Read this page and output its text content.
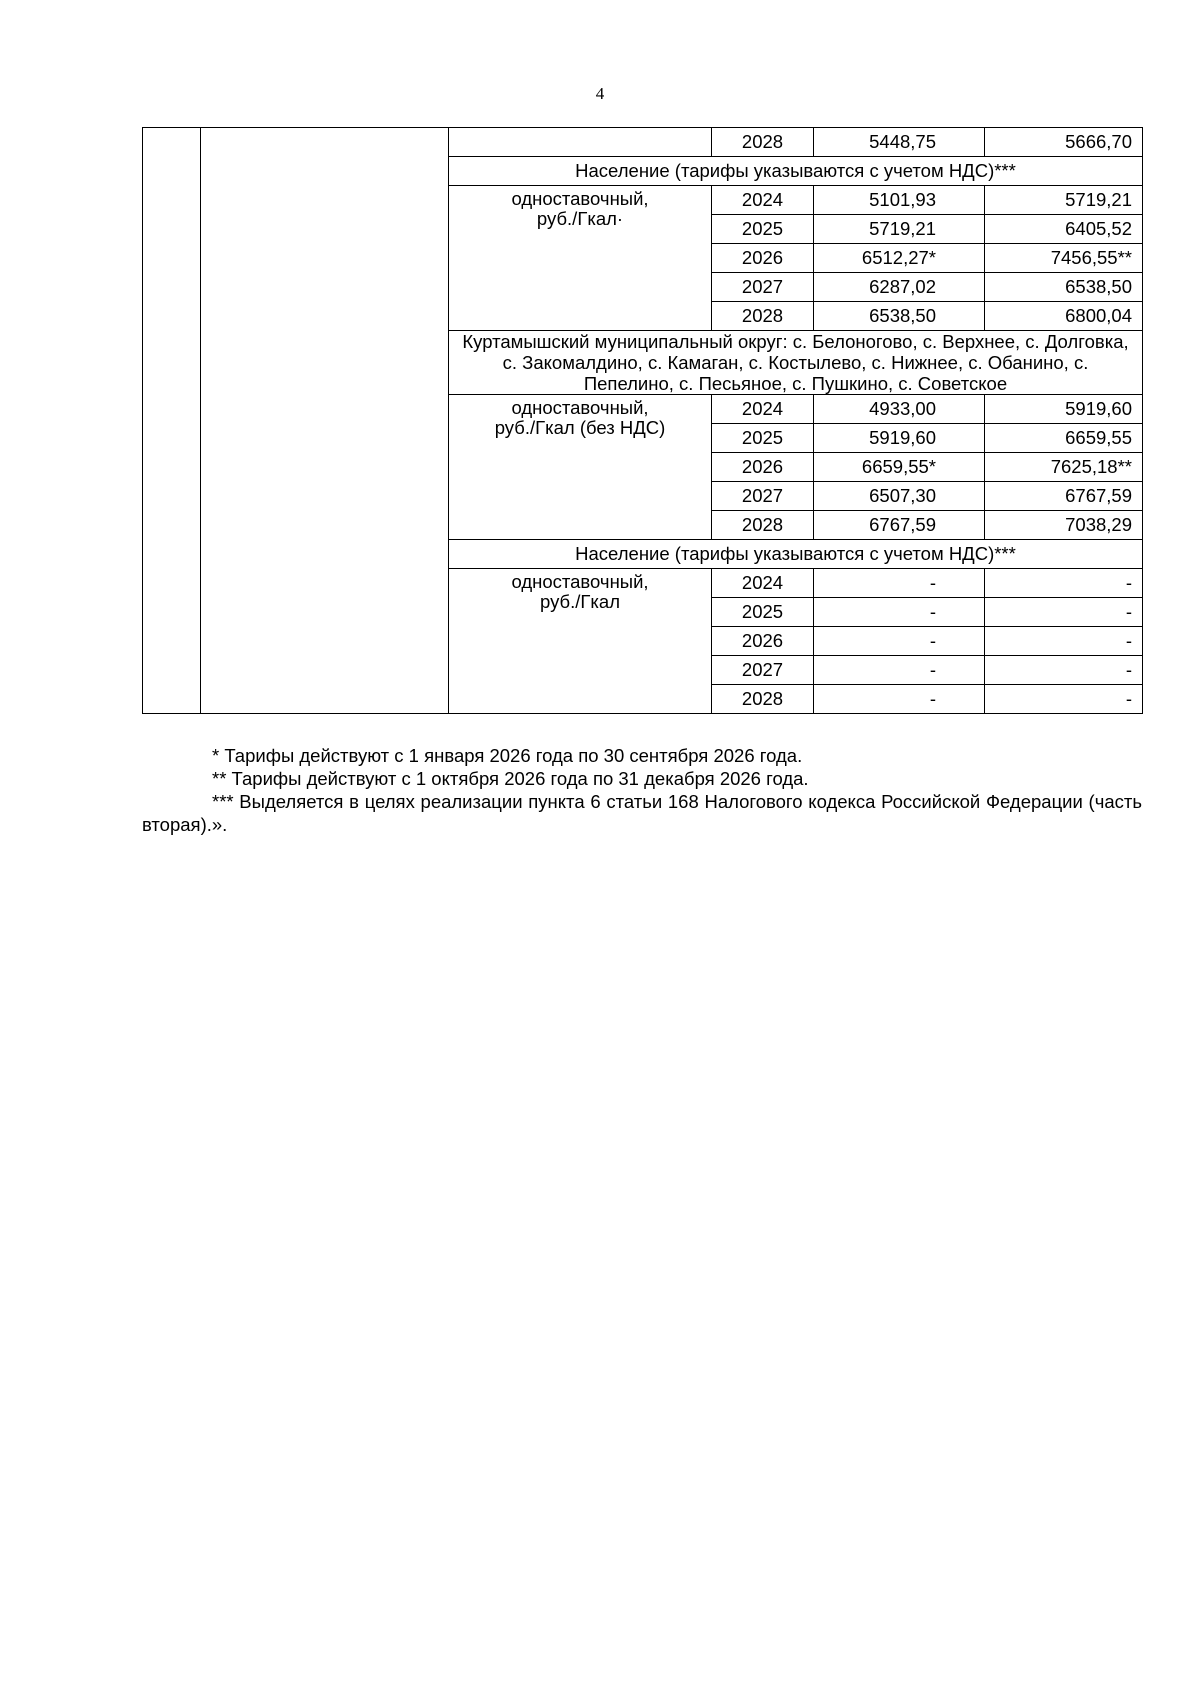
4
			2028	5448,75	5666,70
		Население (тарифы указываются с учетом НДС)***			
		одноставочный,
руб./Гкал·	2024	5101,93	5719,21
			2025	5719,21	6405,52
			2026	6512,27*	7456,55**
			2027	6287,02	6538,50
			2028	6538,50	6800,04
		Куртамышский муниципальный округ: с. Белоногово, с. Верхнее, с. Долговка, с. Закомалдино, с. Камаган, с. Костылево, с. Нижнее, с. Обанино, с. Пепелино, с. Песьяное, с. Пушкино, с. Советское			
		одноставочный,
руб./Гкал (без НДС)	2024	4933,00	5919,60
			2025	5919,60	6659,55
			2026	6659,55*	7625,18**
			2027	6507,30	6767,59
			2028	6767,59	7038,29
		Население (тарифы указываются с учетом НДС)***			
		одноставочный,
руб./Гкал	2024	-	-
			2025	-	-
			2026	-	-
			2027	-	-
			2028	-	-

* Тарифы действуют с 1 января 2026 года по 30 сентября 2026 года.

** Тарифы действуют с 1 октября 2026 года по 31 декабря 2026 года.

*** Выделяется в целях реализации пункта 6 статьи 168 Налогового кодекса Российской Федерации (часть вторая).».
